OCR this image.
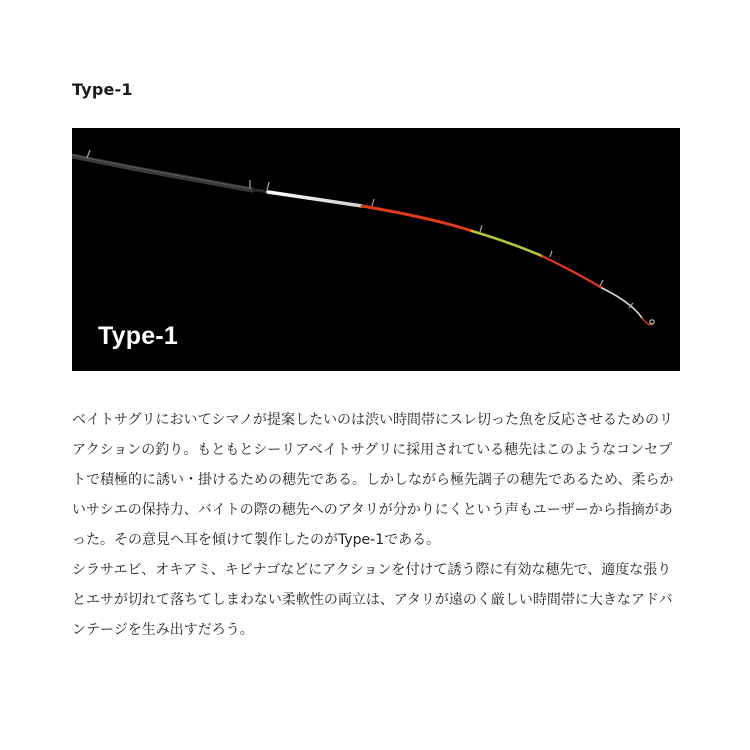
Type-1
Type-1

ベイトサグリにおいてシマノが提案したいのは渋い時間帯にスレ切った魚を反応させるためのリアクションの釣り。もともとシーリアベイトサグリに採用されている穂先はこのようなコンセプトで積極的に誘い・掛けるための穂先である。しかしながら極先調子の穂先であるため、柔らかいサシエの保持力、バイトの際の穂先へのアタリが分かりにくという声もユーザーから指摘があった。その意見へ耳を傾けて製作したのがType-1である。

シラサエビ、オキアミ、キビナゴなどにアクションを付けて誘う際に有効な穂先で、適度な張りとエサが切れて落ちてしまわない柔軟性の両立は、アタリが遠のく厳しい時間帯に大きなアドバンテージを生み出すだろう。
